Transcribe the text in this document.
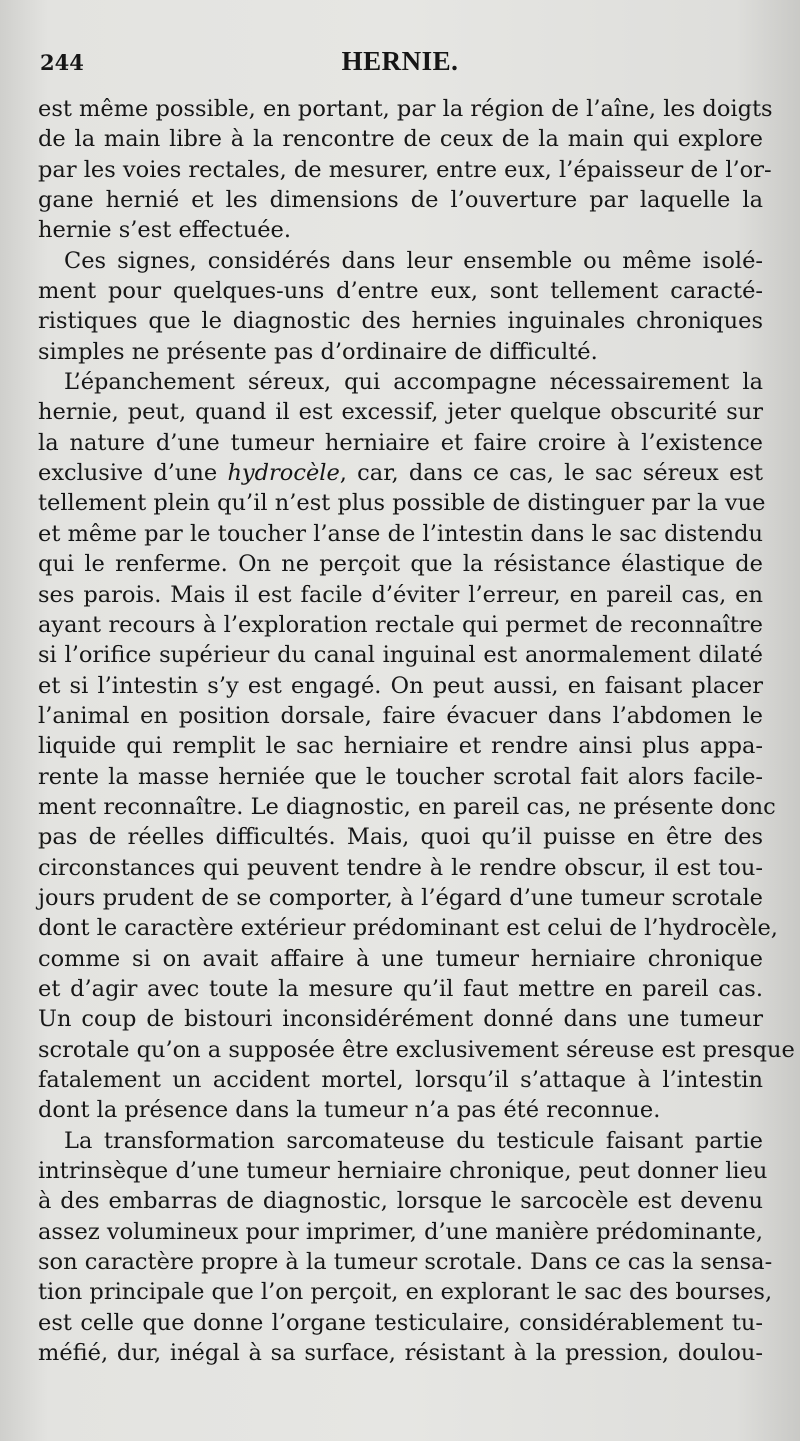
244	HERNIE.
est même possible, en portant, par la région de l’aîne, les doigts
de la main libre à la rencontre de ceux de la main qui explore
par les voies rectales, de mesurer, entre eux, l’épaisseur de l’or-
gane hernié et les dimensions de l’ouverture par laquelle la
hernie s’est effectuée.
Ces signes, considérés dans leur ensemble ou même isolé-
ment pour quelques-uns d’entre eux, sont tellement caracté-
ristiques que le diagnostic des hernies inguinales chroniques
simples ne présente pas d’ordinaire de difficulté.
L’épanchement séreux, qui accompagne nécessairement la
hernie, peut, quand il est excessif, jeter quelque obscurité sur
la nature d’une tumeur herniaire et faire croire à l’existence
exclusive d’une hydrocèle, car, dans ce cas, le sac séreux est
tellement plein qu’il n’est plus possible de distinguer par la vue
et même par le toucher l’anse de l’intestin dans le sac distendu
qui le renferme. On ne perçoit que la résistance élastique de
ses parois. Mais il est facile d’éviter l’erreur, en pareil cas, en
ayant recours à l’exploration rectale qui permet de reconnaître
si l’orifice supérieur du canal inguinal est anormalement dilaté
et si l’intestin s’y est engagé. On peut aussi, en faisant placer
l’animal en position dorsale, faire évacuer dans l’abdomen le
liquide qui remplit le sac herniaire et rendre ainsi plus appa-
rente la masse herniée que le toucher scrotal fait alors facile-
ment reconnaître. Le diagnostic, en pareil cas, ne présente donc
pas de réelles difficultés. Mais, quoi qu’il puisse en être des
circonstances qui peuvent tendre à le rendre obscur, il est tou-
jours prudent de se comporter, à l’égard d’une tumeur scrotale
dont le caractère extérieur prédominant est celui de l’hydrocèle,
comme si on avait affaire à une tumeur herniaire chronique
et d’agir avec toute la mesure qu’il faut mettre en pareil cas.
Un coup de bistouri inconsidérément donné dans une tumeur
scrotale qu’on a supposée être exclusivement séreuse est presque
fatalement un accident mortel, lorsqu’il s’attaque à l’intestin
dont la présence dans la tumeur n’a pas été reconnue.
La transformation sarcomateuse du testicule faisant partie
intrinsèque d’une tumeur herniaire chronique, peut donner lieu
à des embarras de diagnostic, lorsque le sarcocèle est devenu
assez volumineux pour imprimer, d’une manière prédominante,
son caractère propre à la tumeur scrotale. Dans ce cas la sensa-
tion principale que l’on perçoit, en explorant le sac des bourses,
est celle que donne l’organe testiculaire, considérablement tu-
méfié, dur, inégal à sa surface, résistant à la pression, doulou-
